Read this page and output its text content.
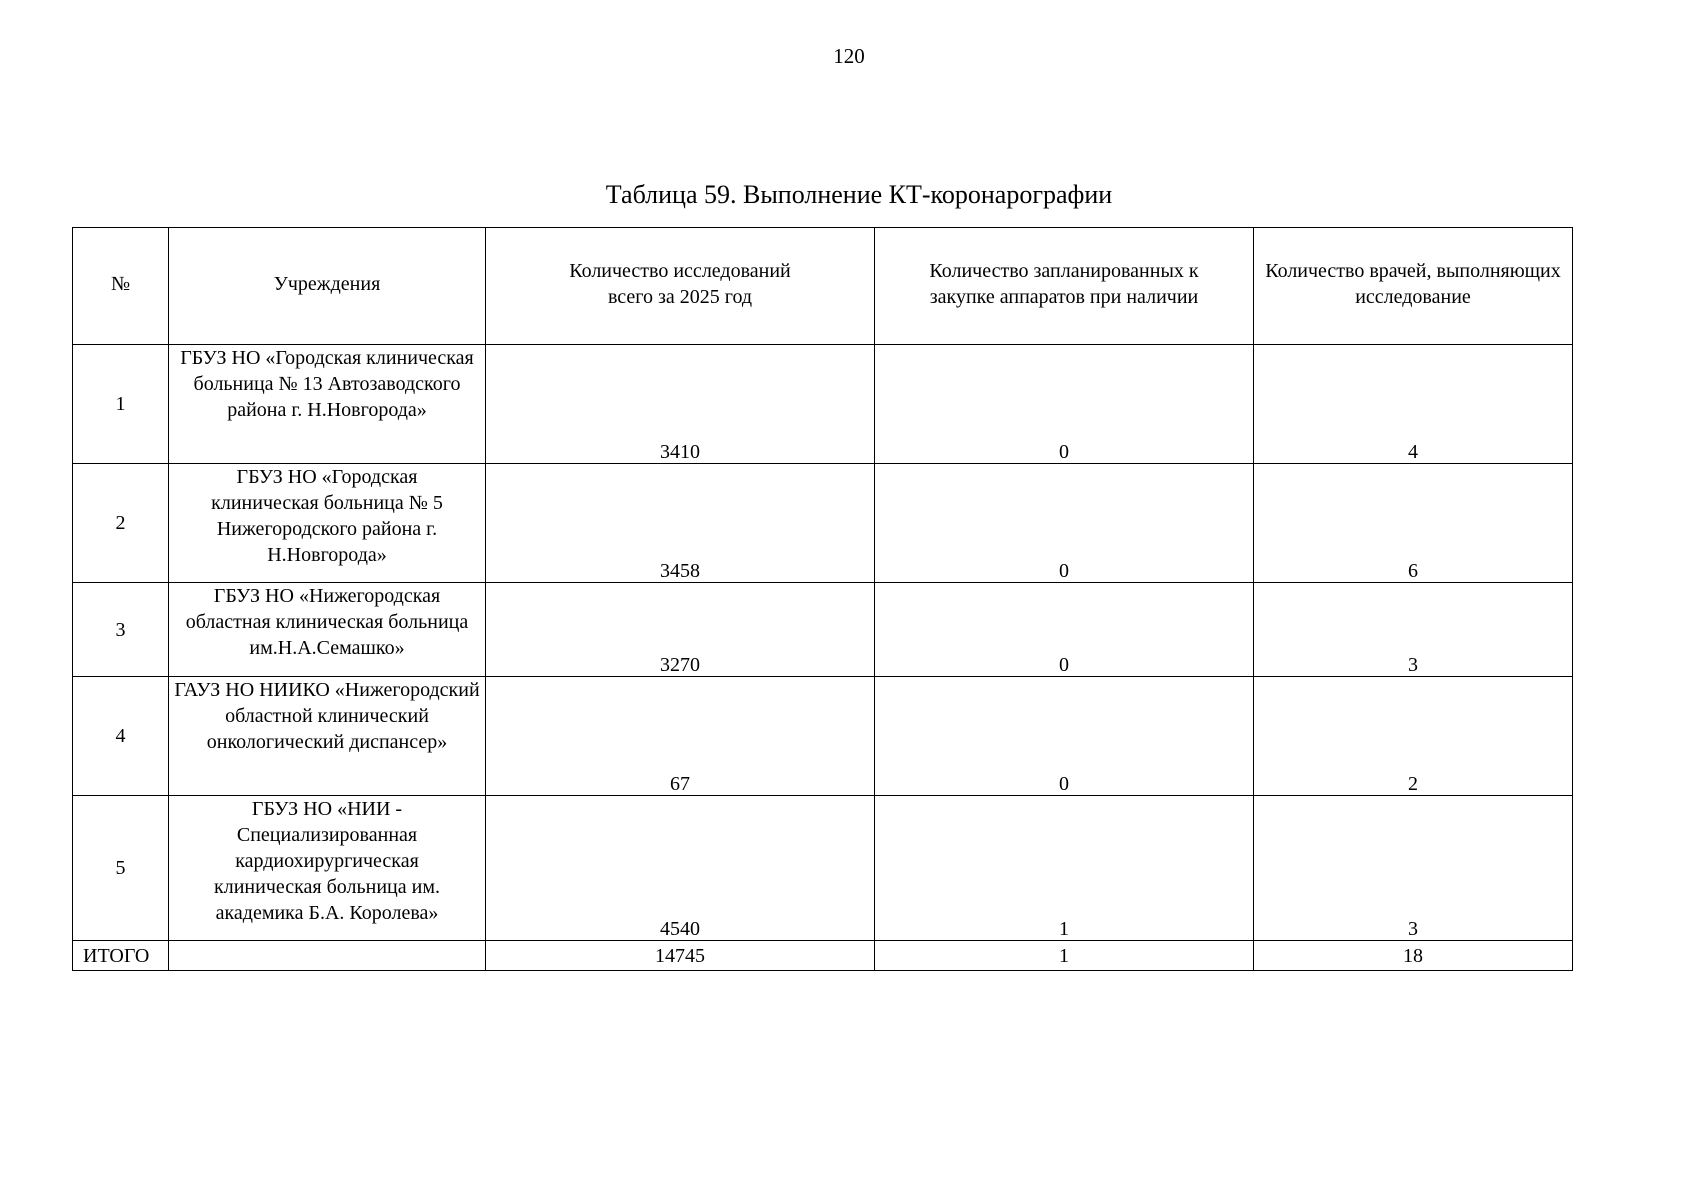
120
Таблица 59. Выполнение КТ-коронарографии
№	Учреждения	Количество исследований всего за 2025 год	Количество запланированных к закупке аппаратов при наличии	Количество врачей, выполняющих исследование
1	ГБУЗ НО «Городская клиническая больница № 13 Автозаводского района г. Н.Новгорода»	3410	0	4

2	ГБУЗ НО «Городская клиническая больница № 5 Нижегородского района г. Н.Новгорода»	3458	0	6

3	ГБУЗ НО «Нижегородская областная клиническая больница им.Н.А.Семашко»	3270	0	3

4	ГАУЗ НО НИИКО «Нижегородский областной клинический онкологический диспансер»	67	0	2

5	ГБУЗ НО «НИИ - Специализированная кардиохирургическая клиническая больница им. академика Б.А. Королева»	4540	1	3

ИТОГО		14745	1	18
